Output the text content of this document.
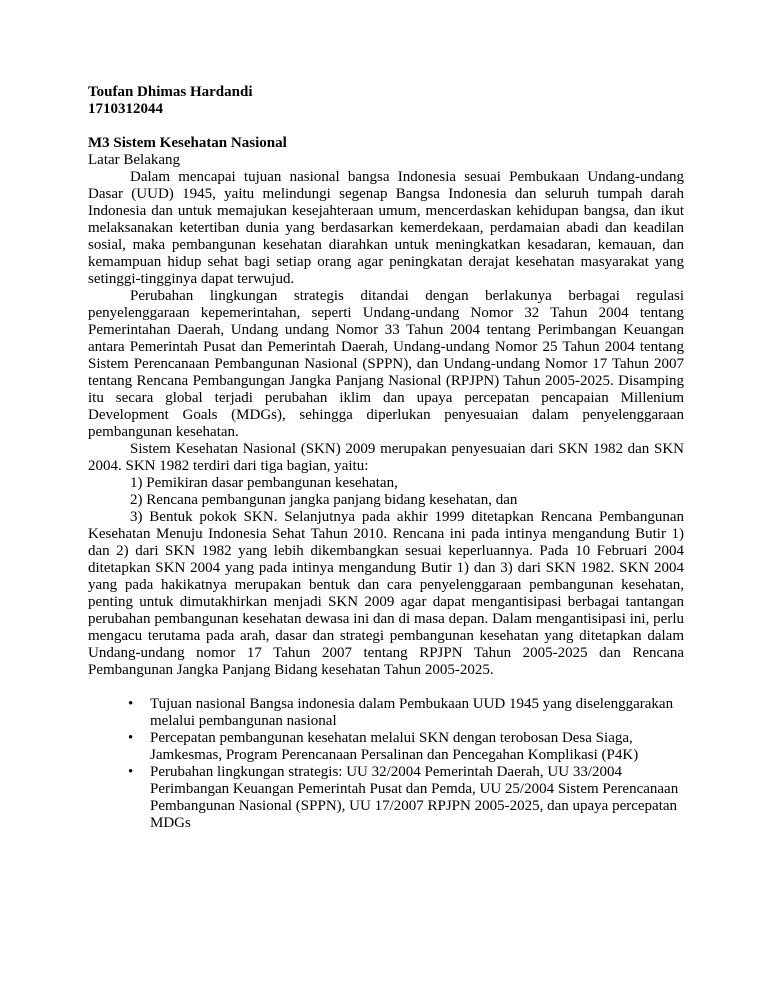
Toufan Dhimas Hardandi

1710312044

M3 Sistem Kesehatan Nasional

Latar Belakang

Dalam mencapai tujuan nasional bangsa Indonesia sesuai Pembukaan Undang-undang Dasar (UUD) 1945, yaitu melindungi segenap Bangsa Indonesia dan seluruh tumpah darah Indonesia dan untuk memajukan kesejahteraan umum, mencerdaskan kehidupan bangsa, dan ikut melaksanakan ketertiban dunia yang berdasarkan kemerdekaan, perdamaian abadi dan keadilan sosial, maka pembangunan kesehatan diarahkan untuk meningkatkan kesadaran, kemauan, dan kemampuan hidup sehat bagi setiap orang agar peningkatan derajat kesehatan masyarakat yang setinggi-tingginya dapat terwujud.

Perubahan lingkungan strategis ditandai dengan berlakunya berbagai regulasi penyelenggaraan kepemerintahan, seperti Undang-undang Nomor 32 Tahun 2004 tentang Pemerintahan Daerah, Undang undang Nomor 33 Tahun 2004 tentang Perimbangan Keuangan antara Pemerintah Pusat dan Pemerintah Daerah, Undang-undang Nomor 25 Tahun 2004 tentang Sistem Perencanaan Pembangunan Nasional (SPPN), dan Undang-undang Nomor 17 Tahun 2007 tentang Rencana Pembangungan Jangka Panjang Nasional (RPJPN) Tahun 2005-2025. Disamping itu secara global terjadi perubahan iklim dan upaya percepatan pencapaian Millenium Development Goals (MDGs), sehingga diperlukan penyesuaian dalam penyelenggaraan pembangunan kesehatan.

Sistem Kesehatan Nasional (SKN) 2009 merupakan penyesuaian dari SKN 1982 dan SKN 2004. SKN 1982 terdiri dari tiga bagian, yaitu:

1) Pemikiran dasar pembangunan kesehatan,

2) Rencana pembangunan jangka panjang bidang kesehatan, dan

3) Bentuk pokok SKN. Selanjutnya pada akhir 1999 ditetapkan Rencana Pembangunan Kesehatan Menuju Indonesia Sehat Tahun 2010. Rencana ini pada intinya mengandung Butir 1) dan 2) dari SKN 1982 yang lebih dikembangkan sesuai keperluannya. Pada 10 Februari 2004 ditetapkan SKN 2004 yang pada intinya mengandung Butir 1) dan 3) dari SKN 1982. SKN 2004 yang pada hakikatnya merupakan bentuk dan cara penyelenggaraan pembangunan kesehatan, penting untuk dimutakhirkan menjadi SKN 2009 agar dapat mengantisipasi berbagai tantangan perubahan pembangunan kesehatan dewasa ini dan di masa depan. Dalam mengantisipasi ini, perlu mengacu terutama pada arah, dasar dan strategi pembangunan kesehatan yang ditetapkan dalam Undang-undang nomor 17 Tahun 2007 tentang RPJPN Tahun 2005-2025 dan Rencana Pembangunan Jangka Panjang Bidang kesehatan Tahun 2005-2025.

• Tujuan nasional Bangsa indonesia dalam Pembukaan UUD 1945 yang diselenggarakan melalui pembangunan nasional
• Percepatan pembangunan kesehatan melalui SKN dengan terobosan Desa Siaga, Jamkesmas, Program Perencanaan Persalinan dan Pencegahan Komplikasi (P4K)
• Perubahan lingkungan strategis: UU 32/2004 Pemerintah Daerah, UU 33/2004 Perimbangan Keuangan Pemerintah Pusat dan Pemda, UU 25/2004 Sistem Perencanaan Pembangunan Nasional (SPPN), UU 17/2007 RPJPN 2005-2025, dan upaya percepatan MDGs
